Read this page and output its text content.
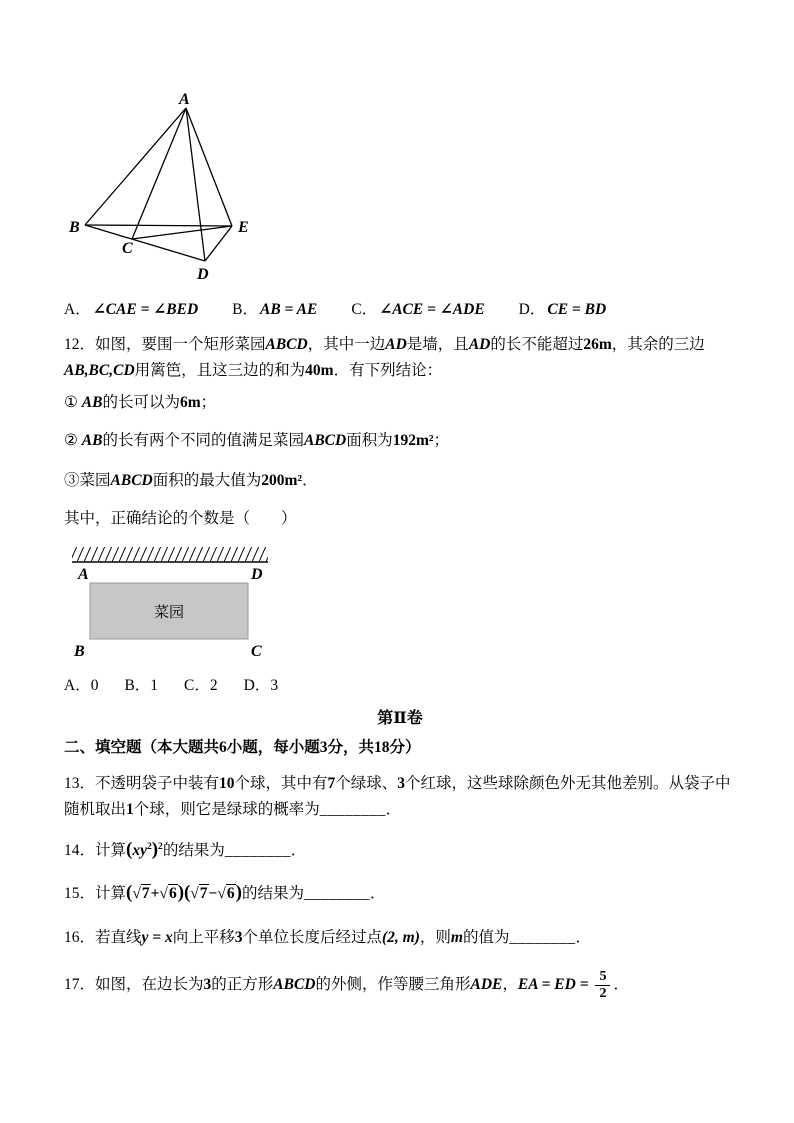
A
B
C
D
E
A． ∠CAE = ∠BED B． AB = AE C． ∠ACE = ∠ADE D． CE = BD

12．如图，要围一个矩形菜园ABCD，其中一边AD是墙，且AD的长不能超过26m，其余的三边

AB,BC,CD用篱笆，且这三边的和为40m．有下列结论：

① AB的长可以为6m；

② AB的长有两个不同的值满足菜园ABCD面积为192m²；

③菜园ABCD面积的最大值为200m²．

其中，正确结论的个数是（　　）

A	D
菜园
B	C
A．0 B．1 C．2 D．3

第Ⅱ卷

二、填空题（本大题共6小题，每小题3分，共18分）

13．不透明袋子中装有10个球，其中有7个绿球、3个红球，这些球除颜色外无其他差别。从袋子中随机取出1个球，则它是绿球的概率为________．

14．计算$(xy^2)^2$的结果为________．

15．计算(√7+√6)(√7−√6)的结果为________．

16．若直线y = x向上平移3个单位长度后经过点(2, m)，则m的值为________．

17．如图，在边长为3的正方形ABCD的外侧，作等腰三角形ADE，EA = ED = $\frac{5}{2}$ ．
